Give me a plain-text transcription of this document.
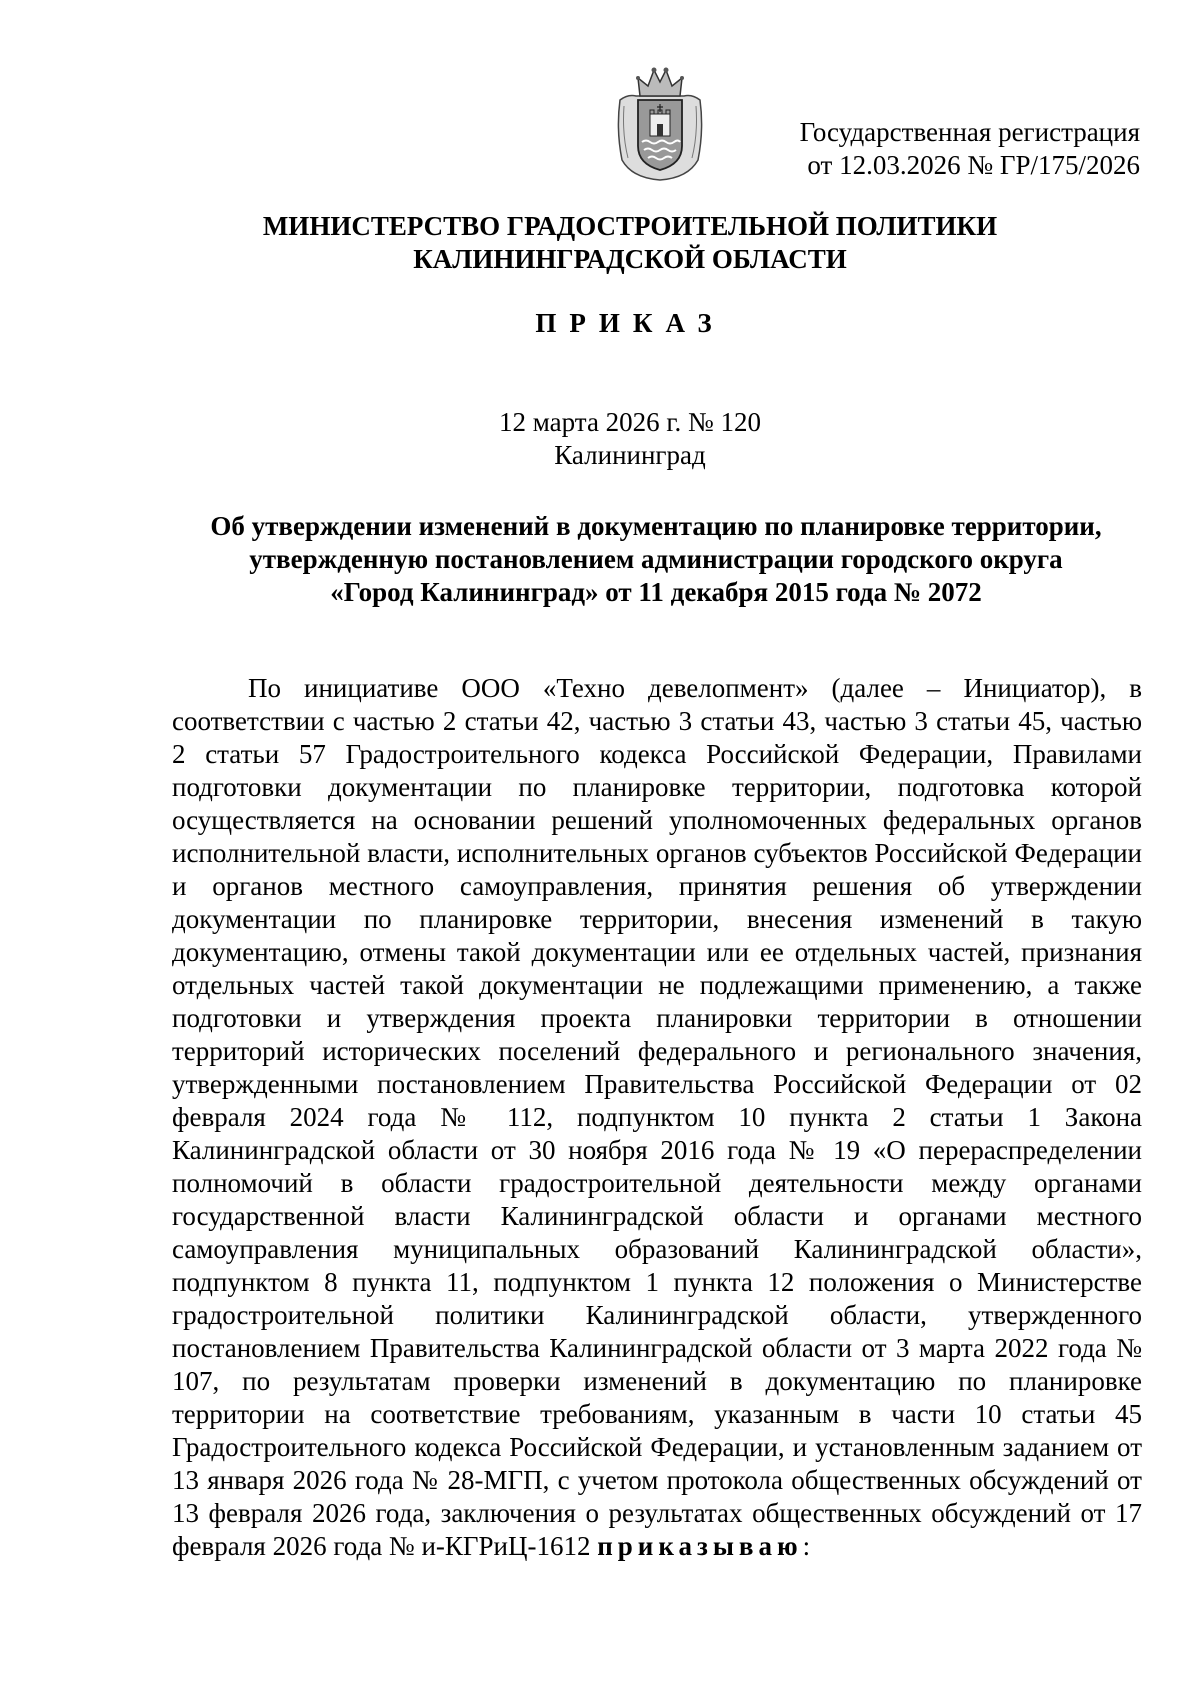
Государственная регистрация
от 12.03.2026 № ГР/175/2026
МИНИСТЕРСТВО ГРАДОСТРОИТЕЛЬНОЙ ПОЛИТИКИ
КАЛИНИНГРАДСКОЙ ОБЛАСТИ
ПРИКАЗ
12 марта 2026 г. № 120
Калининград
Об утверждении изменений в документацию по планировке территории,
утвержденную постановлением администрации городского округа
«Город Калининград» от 11 декабря 2015 года № 2072
По инициативе ООО «Техно девелопмент» (далее – Инициатор), в соответствии с частью 2 статьи 42, частью 3 статьи 43, частью 3 статьи 45, частью 2 статьи 57 Градостроительного кодекса Российской Федерации, Правилами подготовки документации по планировке территории, подготовка которой осуществляется на основании решений уполномоченных федеральных органов исполнительной власти, исполнительных органов субъектов Российской Федерации и органов местного самоуправления, принятия решения об утверждении документации по планировке территории, внесения изменений в такую документацию, отмены такой документации или ее отдельных частей, признания отдельных частей такой документации не подлежащими применению, а также подготовки и утверждения проекта планировки территории в отношении территорий исторических поселений федерального и регионального значения, утвержденными постановлением Правительства Российской Федерации от 02 февраля 2024 года № 112, подпунктом 10 пункта 2 статьи 1 Закона Калининградской области от 30 ноября 2016 года № 19 «О перераспределении полномочий в области градостроительной деятельности между органами государственной власти Калининградской области и органами местного самоуправления муниципальных образований Калининградской области», подпунктом 8 пункта 11, подпунктом 1 пункта 12 положения о Министерстве градостроительной политики Калининградской области, утвержденного постановлением Правительства Калининградской области от 3 марта 2022 года № 107, по результатам проверки изменений в документацию по планировке территории на соответствие требованиям, указанным в части 10 статьи 45 Градостроительного кодекса Российской Федерации, и установленным заданием от 13 января 2026 года № 28-МГП, с учетом протокола общественных обсуждений от 13 февраля 2026 года, заключения о результатах общественных обсуждений от 17 февраля 2026 года № и-КГРиЦ-1612 приказываю:
